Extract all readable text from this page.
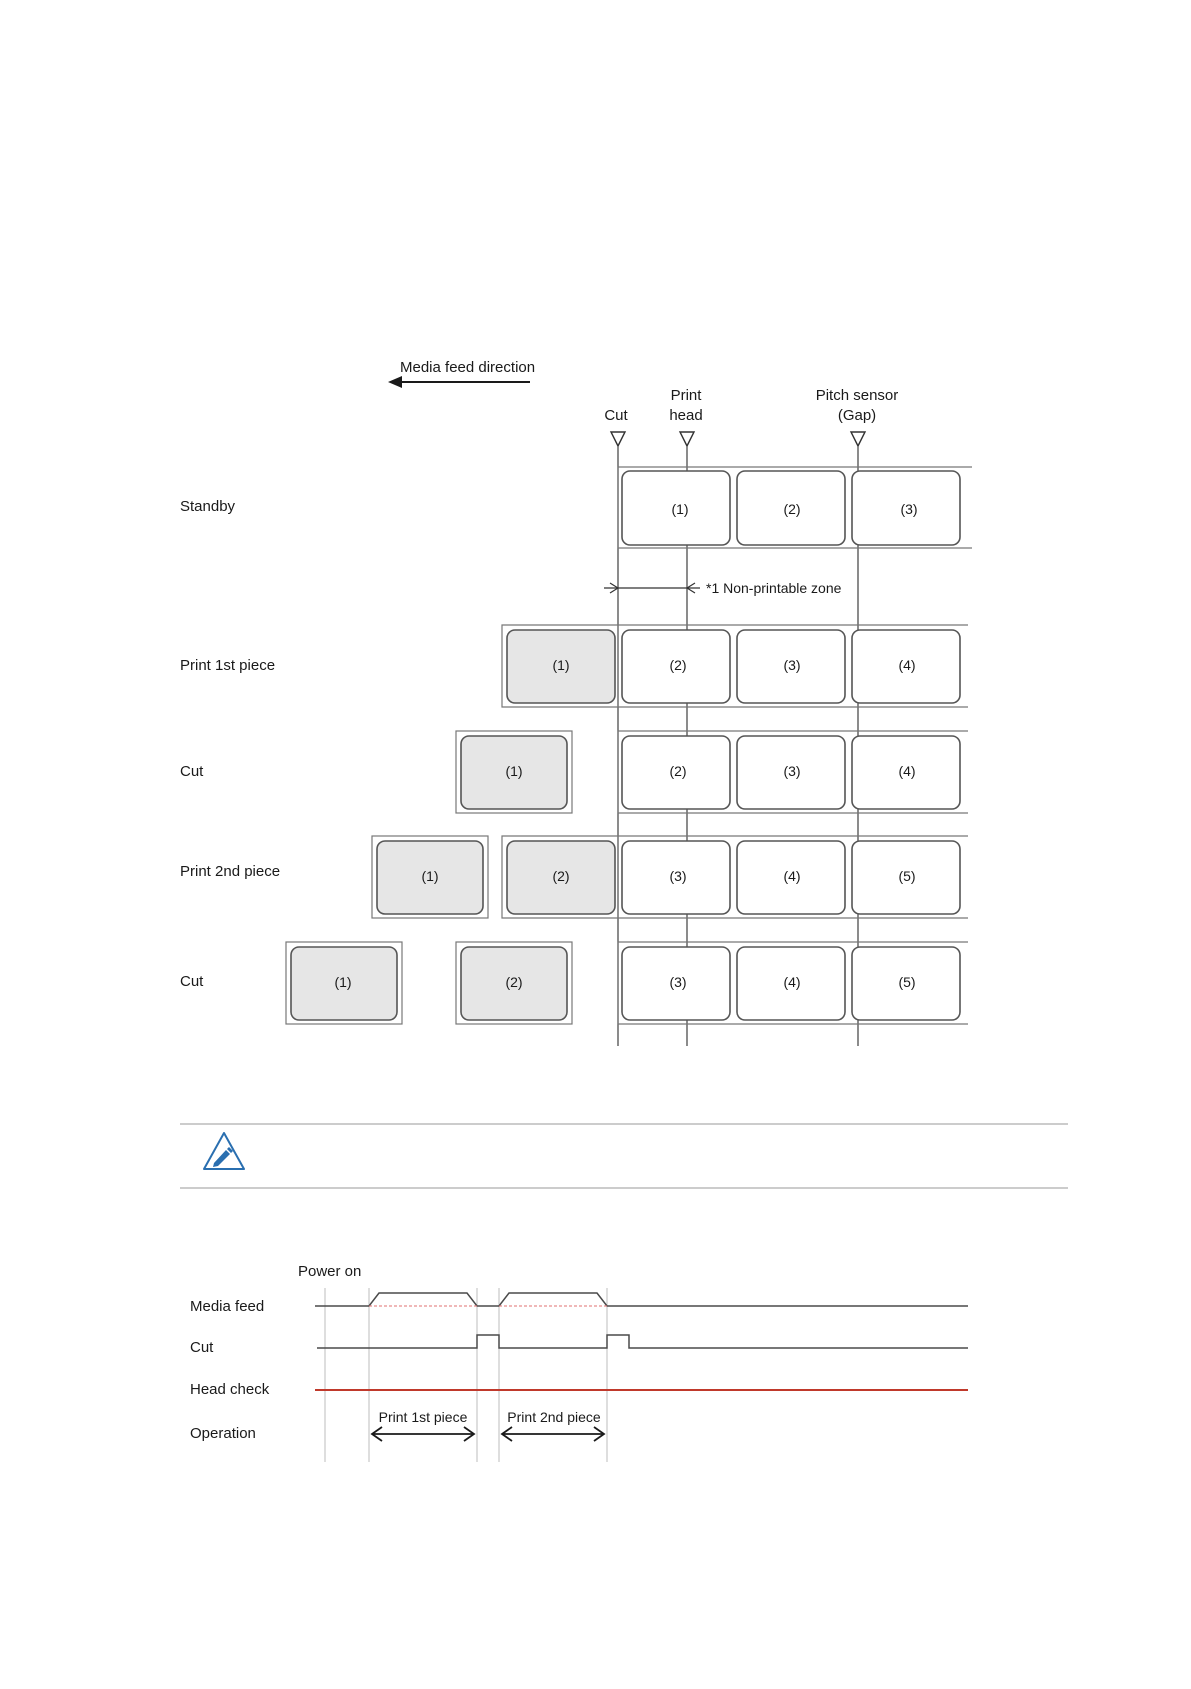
Media feed direction
Cut
Print
head
Pitch sensor
(Gap)
Standby	(1)	(2)	(3)
*1 Non-printable zone
Print 1st piece	(1)	(2)	(3)	(4)
Cut	(1)	(2)	(3)	(4)
Print 2nd piece	(1)	(2)	(3)	(4)	(5)
Cut	(1)	(2)	(3)	(4)	(5)
Power on
Media feed
Cut
Head check
Operation
Print 1st piece	Print 2nd piece
